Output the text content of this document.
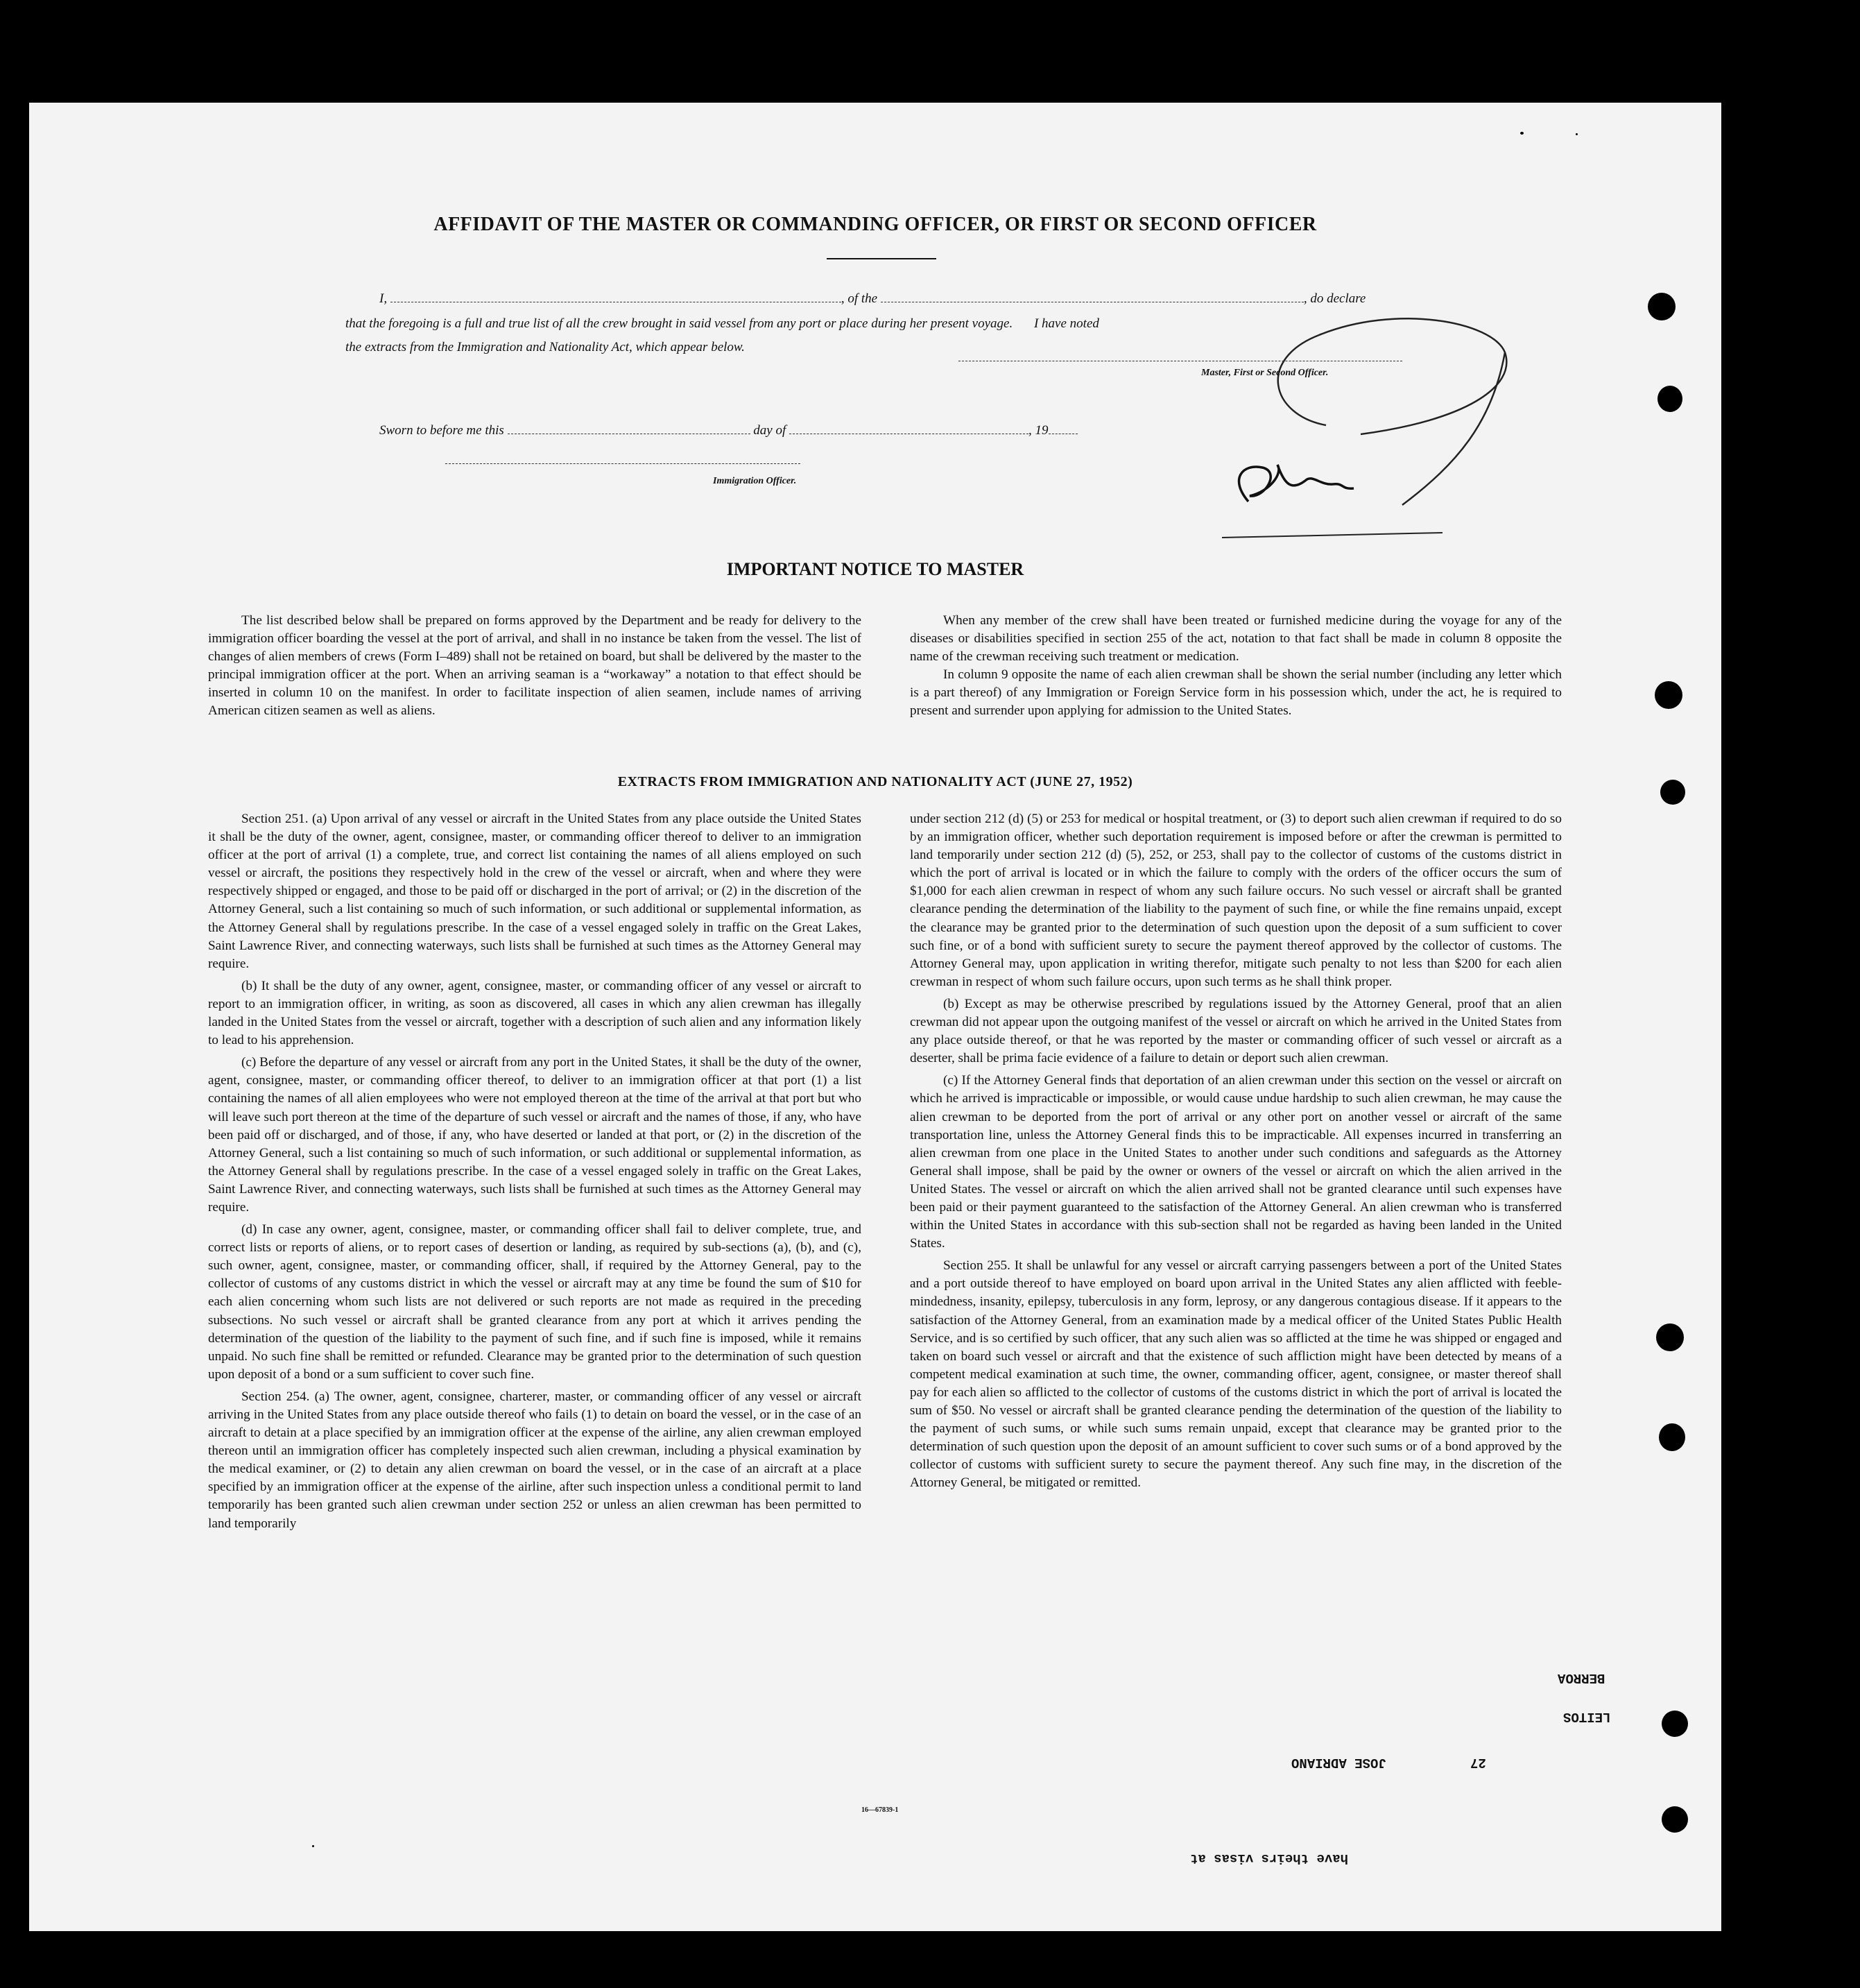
AFFIDAVIT OF THE MASTER OR COMMANDING OFFICER, OR FIRST OR SECOND OFFICER
I,	, of the	, do declare
that the foregoing is a full and true list of all the crew brought in said vessel from any port or place during her present voyage. I have noted
the extracts from the Immigration and Nationality Act, which appear below.
Master, First or Second Officer.
Sworn to before me this	day of	, 19
Immigration Officer.
IMPORTANT NOTICE TO MASTER

The list described below shall be prepared on forms approved by the Department and be ready for delivery to the immigration officer boarding the vessel at the port of arrival, and shall in no instance be taken from the vessel. The list of changes of alien members of crews (Form I–489) shall not be retained on board, but shall be delivered by the master to the principal immigration officer at the port. When an arriving seaman is a “workaway” a notation to that effect should be inserted in column 10 on the manifest. In order to facilitate inspection of alien seamen, include names of arriving American citizen seamen as well as aliens.

When any member of the crew shall have been treated or furnished medicine during the voyage for any of the diseases or disabilities specified in section 255 of the act, notation to that fact shall be made in column 8 opposite the name of the crewman receiving such treatment or medication.

In column 9 opposite the name of each alien crewman shall be shown the serial number (including any letter which is a part thereof) of any Immigration or Foreign Service form in his possession which, under the act, he is required to present and surrender upon applying for admission to the United States.

EXTRACTS FROM IMMIGRATION AND NATIONALITY ACT (JUNE 27, 1952)

Section 251. (a) Upon arrival of any vessel or aircraft in the United States from any place outside the United States it shall be the duty of the owner, agent, consignee, master, or commanding officer thereof to deliver to an immigration officer at the port of arrival (1) a complete, true, and correct list containing the names of all aliens employed on such vessel or aircraft, the positions they respectively hold in the crew of the vessel or aircraft, when and where they were respectively shipped or engaged, and those to be paid off or discharged in the port of arrival; or (2) in the discretion of the Attorney General, such a list containing so much of such information, or such additional or supplemental information, as the Attorney General shall by regulations prescribe. In the case of a vessel engaged solely in traffic on the Great Lakes, Saint Lawrence River, and connecting waterways, such lists shall be furnished at such times as the Attorney General may require.

(b) It shall be the duty of any owner, agent, consignee, master, or commanding officer of any vessel or aircraft to report to an immigration officer, in writing, as soon as discovered, all cases in which any alien crewman has illegally landed in the United States from the vessel or aircraft, together with a description of such alien and any information likely to lead to his apprehension.

(c) Before the departure of any vessel or aircraft from any port in the United States, it shall be the duty of the owner, agent, consignee, master, or commanding officer thereof, to deliver to an immigration officer at that port (1) a list containing the names of all alien employees who were not employed thereon at the time of the arrival at that port but who will leave such port thereon at the time of the departure of such vessel or aircraft and the names of those, if any, who have been paid off or discharged, and of those, if any, who have deserted or landed at that port, or (2) in the discretion of the Attorney General, such a list containing so much of such information, or such additional or supplemental information, as the Attorney General shall by regulations prescribe. In the case of a vessel engaged solely in traffic on the Great Lakes, Saint Lawrence River, and connecting waterways, such lists shall be furnished at such times as the Attorney General may require.

(d) In case any owner, agent, consignee, master, or commanding officer shall fail to deliver complete, true, and correct lists or reports of aliens, or to report cases of desertion or landing, as required by sub-sections (a), (b), and (c), such owner, agent, consignee, master, or commanding officer, shall, if required by the Attorney General, pay to the collector of customs of any customs district in which the vessel or aircraft may at any time be found the sum of $10 for each alien concerning whom such lists are not delivered or such reports are not made as required in the preceding subsections. No such vessel or aircraft shall be granted clearance from any port at which it arrives pending the determination of the question of the liability to the payment of such fine, and if such fine is imposed, while it remains unpaid. No such fine shall be remitted or refunded. Clearance may be granted prior to the determination of such question upon deposit of a bond or a sum sufficient to cover such fine.

Section 254. (a) The owner, agent, consignee, charterer, master, or commanding officer of any vessel or aircraft arriving in the United States from any place outside thereof who fails (1) to detain on board the vessel, or in the case of an aircraft to detain at a place specified by an immigration officer at the expense of the airline, any alien crewman employed thereon until an immigration officer has completely inspected such alien crewman, including a physical examination by the medical examiner, or (2) to detain any alien crewman on board the vessel, or in the case of an aircraft at a place specified by an immigration officer at the expense of the airline, after such inspection unless a conditional permit to land temporarily has been granted such alien crewman under section 252 or unless an alien crewman has been permitted to land temporarily

under section 212 (d) (5) or 253 for medical or hospital treatment, or (3) to deport such alien crewman if required to do so by an immigration officer, whether such deportation requirement is imposed before or after the crewman is permitted to land temporarily under section 212 (d) (5), 252, or 253, shall pay to the collector of customs of the customs district in which the port of arrival is located or in which the failure to comply with the orders of the officer occurs the sum of $1,000 for each alien crewman in respect of whom any such failure occurs. No such vessel or aircraft shall be granted clearance pending the determination of the liability to the payment of such fine, or while the fine remains unpaid, except the clearance may be granted prior to the determination of such question upon the deposit of a sum sufficient to cover such fine, or of a bond with sufficient surety to secure the payment thereof approved by the collector of customs. The Attorney General may, upon application in writing therefor, mitigate such penalty to not less than $200 for each alien crewman in respect of whom such failure occurs, upon such terms as he shall think proper.

(b) Except as may be otherwise prescribed by regulations issued by the Attorney General, proof that an alien crewman did not appear upon the outgoing manifest of the vessel or aircraft on which he arrived in the United States from any place outside thereof, or that he was reported by the master or commanding officer of such vessel or aircraft as a deserter, shall be prima facie evidence of a failure to detain or deport such alien crewman.

(c) If the Attorney General finds that deportation of an alien crewman under this section on the vessel or aircraft on which he arrived is impracticable or impossible, or would cause undue hardship to such alien crewman, he may cause the alien crewman to be deported from the port of arrival or any other port on another vessel or aircraft of the same transportation line, unless the Attorney General finds this to be impracticable. All expenses incurred in transferring an alien crewman from one place in the United States to another under such conditions and safeguards as the Attorney General shall impose, shall be paid by the owner or owners of the vessel or aircraft on which the alien arrived in the United States. The vessel or aircraft on which the alien arrived shall not be granted clearance until such expenses have been paid or their payment guaranteed to the satisfaction of the Attorney General. An alien crewman who is transferred within the United States in accordance with this sub-section shall not be regarded as having been landed in the United States.

Section 255. It shall be unlawful for any vessel or aircraft carrying passengers between a port of the United States and a port outside thereof to have employed on board upon arrival in the United States any alien afflicted with feeble-mindedness, insanity, epilepsy, tuberculosis in any form, leprosy, or any dangerous contagious disease. If it appears to the satisfaction of the Attorney General, from an examination made by a medical officer of the United States Public Health Service, and is so certified by such officer, that any such alien was so afflicted at the time he was shipped or engaged and taken on board such vessel or aircraft and that the existence of such affliction might have been detected by means of a competent medical examination at such time, the owner, commanding officer, agent, consignee, or master thereof shall pay for each alien so afflicted to the collector of customs of the customs district in which the port of arrival is located the sum of $50. No vessel or aircraft shall be granted clearance pending the determination of the question of the liability to the payment of such sums, or while such sums remain unpaid, except that clearance may be granted prior to the determination of such question upon the deposit of an amount sufficient to cover such sums or of a bond approved by the collector of customs with sufficient surety to secure the payment thereof. Any such fine may, in the discretion of the Attorney General, be mitigated or remitted.

JOSE ADRIANO	27
BERROA
LEITOS
have theirs visas at
16—67839-1
